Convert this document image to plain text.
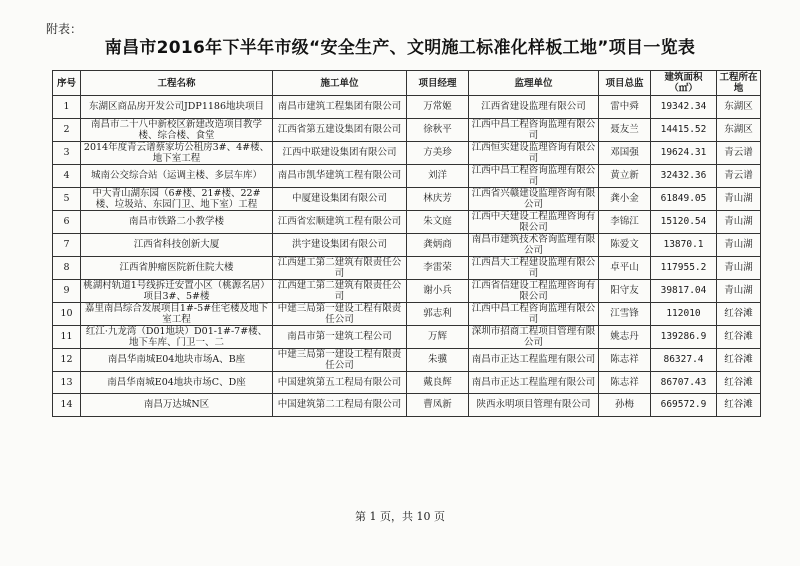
附表：
南昌市2016年下半年市级“安全生产、文明施工标准化样板工地”项目一览表
序号	工程名称	施工单位	项目经理	监理单位	项目总监	建筑面积（㎡）	工程所在地
1	东湖区商品房开发公司JDP1186地块项目	南昌市建筑工程集团有限公司	万常姬	江西省建设监理有限公司	雷中舜	19342.34	东湖区
2	南昌市二十八中新校区新建改造项目教学楼、综合楼、食堂	江西省第五建设集团有限公司	徐秋平	江西中昌工程咨询监理有限公司	聂友兰	14415.52	东湖区
3	2014年度青云谱蔡家坊公租房3#、4#楼、地下室工程	江西中联建设集团有限公司	方美珍	江西恒实建设监理咨询有限公司	邓国强	19624.31	青云谱
4	城南公交综合站（运调主楼、多层车库）	南昌市凯华建筑工程有限公司	刘洋	江西中昌工程咨询监理有限公司	黄立新	32432.36	青云谱
5	中大青山湖东园（6#楼、21#楼、22#楼、垃圾站、东园门卫、地下室）工程	中厦建设集团有限公司	林庆芳	江西省兴赣建设监理咨询有限公司	龚小金	61849.05	青山湖
6	南昌市铁路二小教学楼	江西省宏顺建筑工程有限公司	朱文庭	江西中天建设工程监理咨询有限公司	李锦江	15120.54	青山湖
7	江西省科技创新大厦	洪宇建设集团有限公司	龚炳商	南昌市建筑技术咨询监理有限公司	陈爱文	13870.1	青山湖
8	江西省肿瘤医院新住院大楼	江西建工第二建筑有限责任公司	李雷荣	江西昌大工程建设监理有限公司	卓平山	117955.2	青山湖
9	桃湖村轨道1号线拆迁安置小区（桃源名居）项目3#、5#楼	江西建工第二建筑有限责任公司	谢小兵	江西省信建设工程监理咨询有限公司	阳守友	39817.04	青山湖
10	嘉里南昌综合发展项目1#-5#住宅楼及地下室工程	中建三局第一建设工程有限责任公司	郭志利	江西中昌工程咨询监理有限公司	江雪锋	112010	红谷滩
11	红江·九龙湾（D01地块）D01-1#-7#楼、地下车库、门卫一、二	南昌市第一建筑工程公司	万辉	深圳市招商工程项目管理有限公司	姚志丹	139286.9	红谷滩
12	南昌华南城E04地块市场A、B座	中建三局第一建设工程有限责任公司	朱骥	南昌市正达工程监理有限公司	陈志祥	86327.4	红谷滩
13	南昌华南城E04地块市场C、D座	中国建筑第五工程局有限公司	戴良辉	南昌市正达工程监理有限公司	陈志祥	86707.43	红谷滩
14	南昌万达城N区	中国建筑第二工程局有限公司	曹凤新	陕西永明项目管理有限公司	孙梅	669572.9	红谷滩
第 1 页，共 10 页
